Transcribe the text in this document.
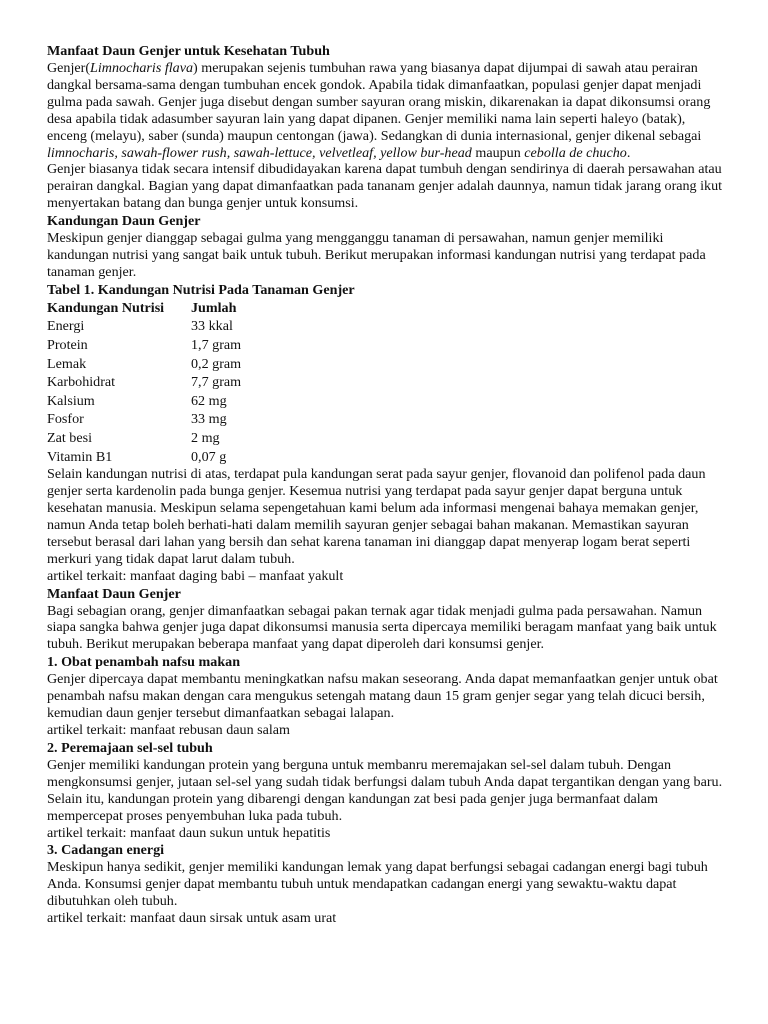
Manfaat Daun Genjer untuk Kesehatan Tubuh

Genjer(Limnocharis flava) merupakan sejenis tumbuhan rawa yang biasanya dapat dijumpai di sawah atau perairan dangkal bersama-sama dengan tumbuhan encek gondok. Apabila tidak dimanfaatkan, populasi genjer dapat menjadi gulma pada sawah. Genjer juga disebut dengan sumber sayuran orang miskin, dikarenakan ia dapat dikonsumsi orang desa apabila tidak adasumber sayuran lain yang dapat dipanen. Genjer memiliki nama lain seperti haleyo (batak), enceng (melayu), saber (sunda) maupun centongan (jawa). Sedangkan di dunia internasional, genjer dikenal sebagai limnocharis, sawah-flower rush, sawah-lettuce, velvetleaf, yellow bur-head maupun cebolla de chucho.

Genjer biasanya tidak secara intensif dibudidayakan karena dapat tumbuh dengan sendirinya di daerah persawahan atau perairan dangkal. Bagian yang dapat dimanfaatkan pada tananam genjer adalah daunnya, namun tidak jarang orang ikut menyertakan batang dan bunga genjer untuk konsumsi.

Kandungan Daun Genjer

Meskipun genjer dianggap sebagai gulma yang mengganggu tanaman di persawahan, namun genjer memiliki kandungan nutrisi yang sangat baik untuk tubuh. Berikut merupakan informasi kandungan nutrisi yang terdapat pada tanaman genjer.

Tabel 1. Kandungan Nutrisi Pada Tanaman Genjer
Kandungan Nutrisi	Jumlah
Energi	33 kkal
Protein	1,7 gram
Lemak	0,2 gram
Karbohidrat	7,7 gram
Kalsium	62 mg
Fosfor	33 mg
Zat besi	2 mg
Vitamin B1	0,07 g

Selain kandungan nutrisi di atas, terdapat pula kandungan serat pada sayur genjer, flovanoid dan polifenol pada daun genjer serta kardenolin pada bunga genjer. Kesemua nutrisi yang terdapat pada sayur genjer dapat berguna untuk kesehatan manusia. Meskipun selama sepengetahuan kami belum ada informasi mengenai bahaya memakan genjer, namun Anda tetap boleh berhati-hati dalam memilih sayuran genjer sebagai bahan makanan. Memastikan sayuran tersebut berasal dari lahan yang bersih dan sehat karena tanaman ini dianggap dapat menyerap logam berat seperti merkuri yang tidak dapat larut dalam tubuh.

artikel terkait: manfaat daging babi – manfaat yakult

Manfaat Daun Genjer

Bagi sebagian orang, genjer dimanfaatkan sebagai pakan ternak agar tidak menjadi gulma pada persawahan. Namun siapa sangka bahwa genjer juga dapat dikonsumsi manusia serta dipercaya memiliki beragam manfaat yang baik untuk tubuh. Berikut merupakan beberapa manfaat yang dapat diperoleh dari konsumsi genjer.

1. Obat penambah nafsu makan

Genjer dipercaya dapat membantu meningkatkan nafsu makan seseorang. Anda dapat memanfaatkan genjer untuk obat penambah nafsu makan dengan cara mengukus setengah matang daun 15 gram genjer segar yang telah dicuci bersih, kemudian daun genjer tersebut dimanfaatkan sebagai lalapan.

artikel terkait: manfaat rebusan daun salam

2. Peremajaan sel-sel tubuh

Genjer memiliki kandungan protein yang berguna untuk membanru meremajakan sel-sel dalam tubuh. Dengan mengkonsumsi genjer, jutaan sel-sel yang sudah tidak berfungsi dalam tubuh Anda dapat tergantikan dengan yang baru. Selain itu, kandungan protein yang dibarengi dengan kandungan zat besi pada genjer juga bermanfaat dalam mempercepat proses penyembuhan luka pada tubuh.

artikel terkait: manfaat daun sukun untuk hepatitis

3. Cadangan energi

Meskipun hanya sedikit, genjer memiliki kandungan lemak yang dapat berfungsi sebagai cadangan energi bagi tubuh Anda. Konsumsi genjer dapat membantu tubuh untuk mendapatkan cadangan energi yang sewaktu-waktu dapat dibutuhkan oleh tubuh.

artikel terkait: manfaat daun sirsak untuk asam urat
